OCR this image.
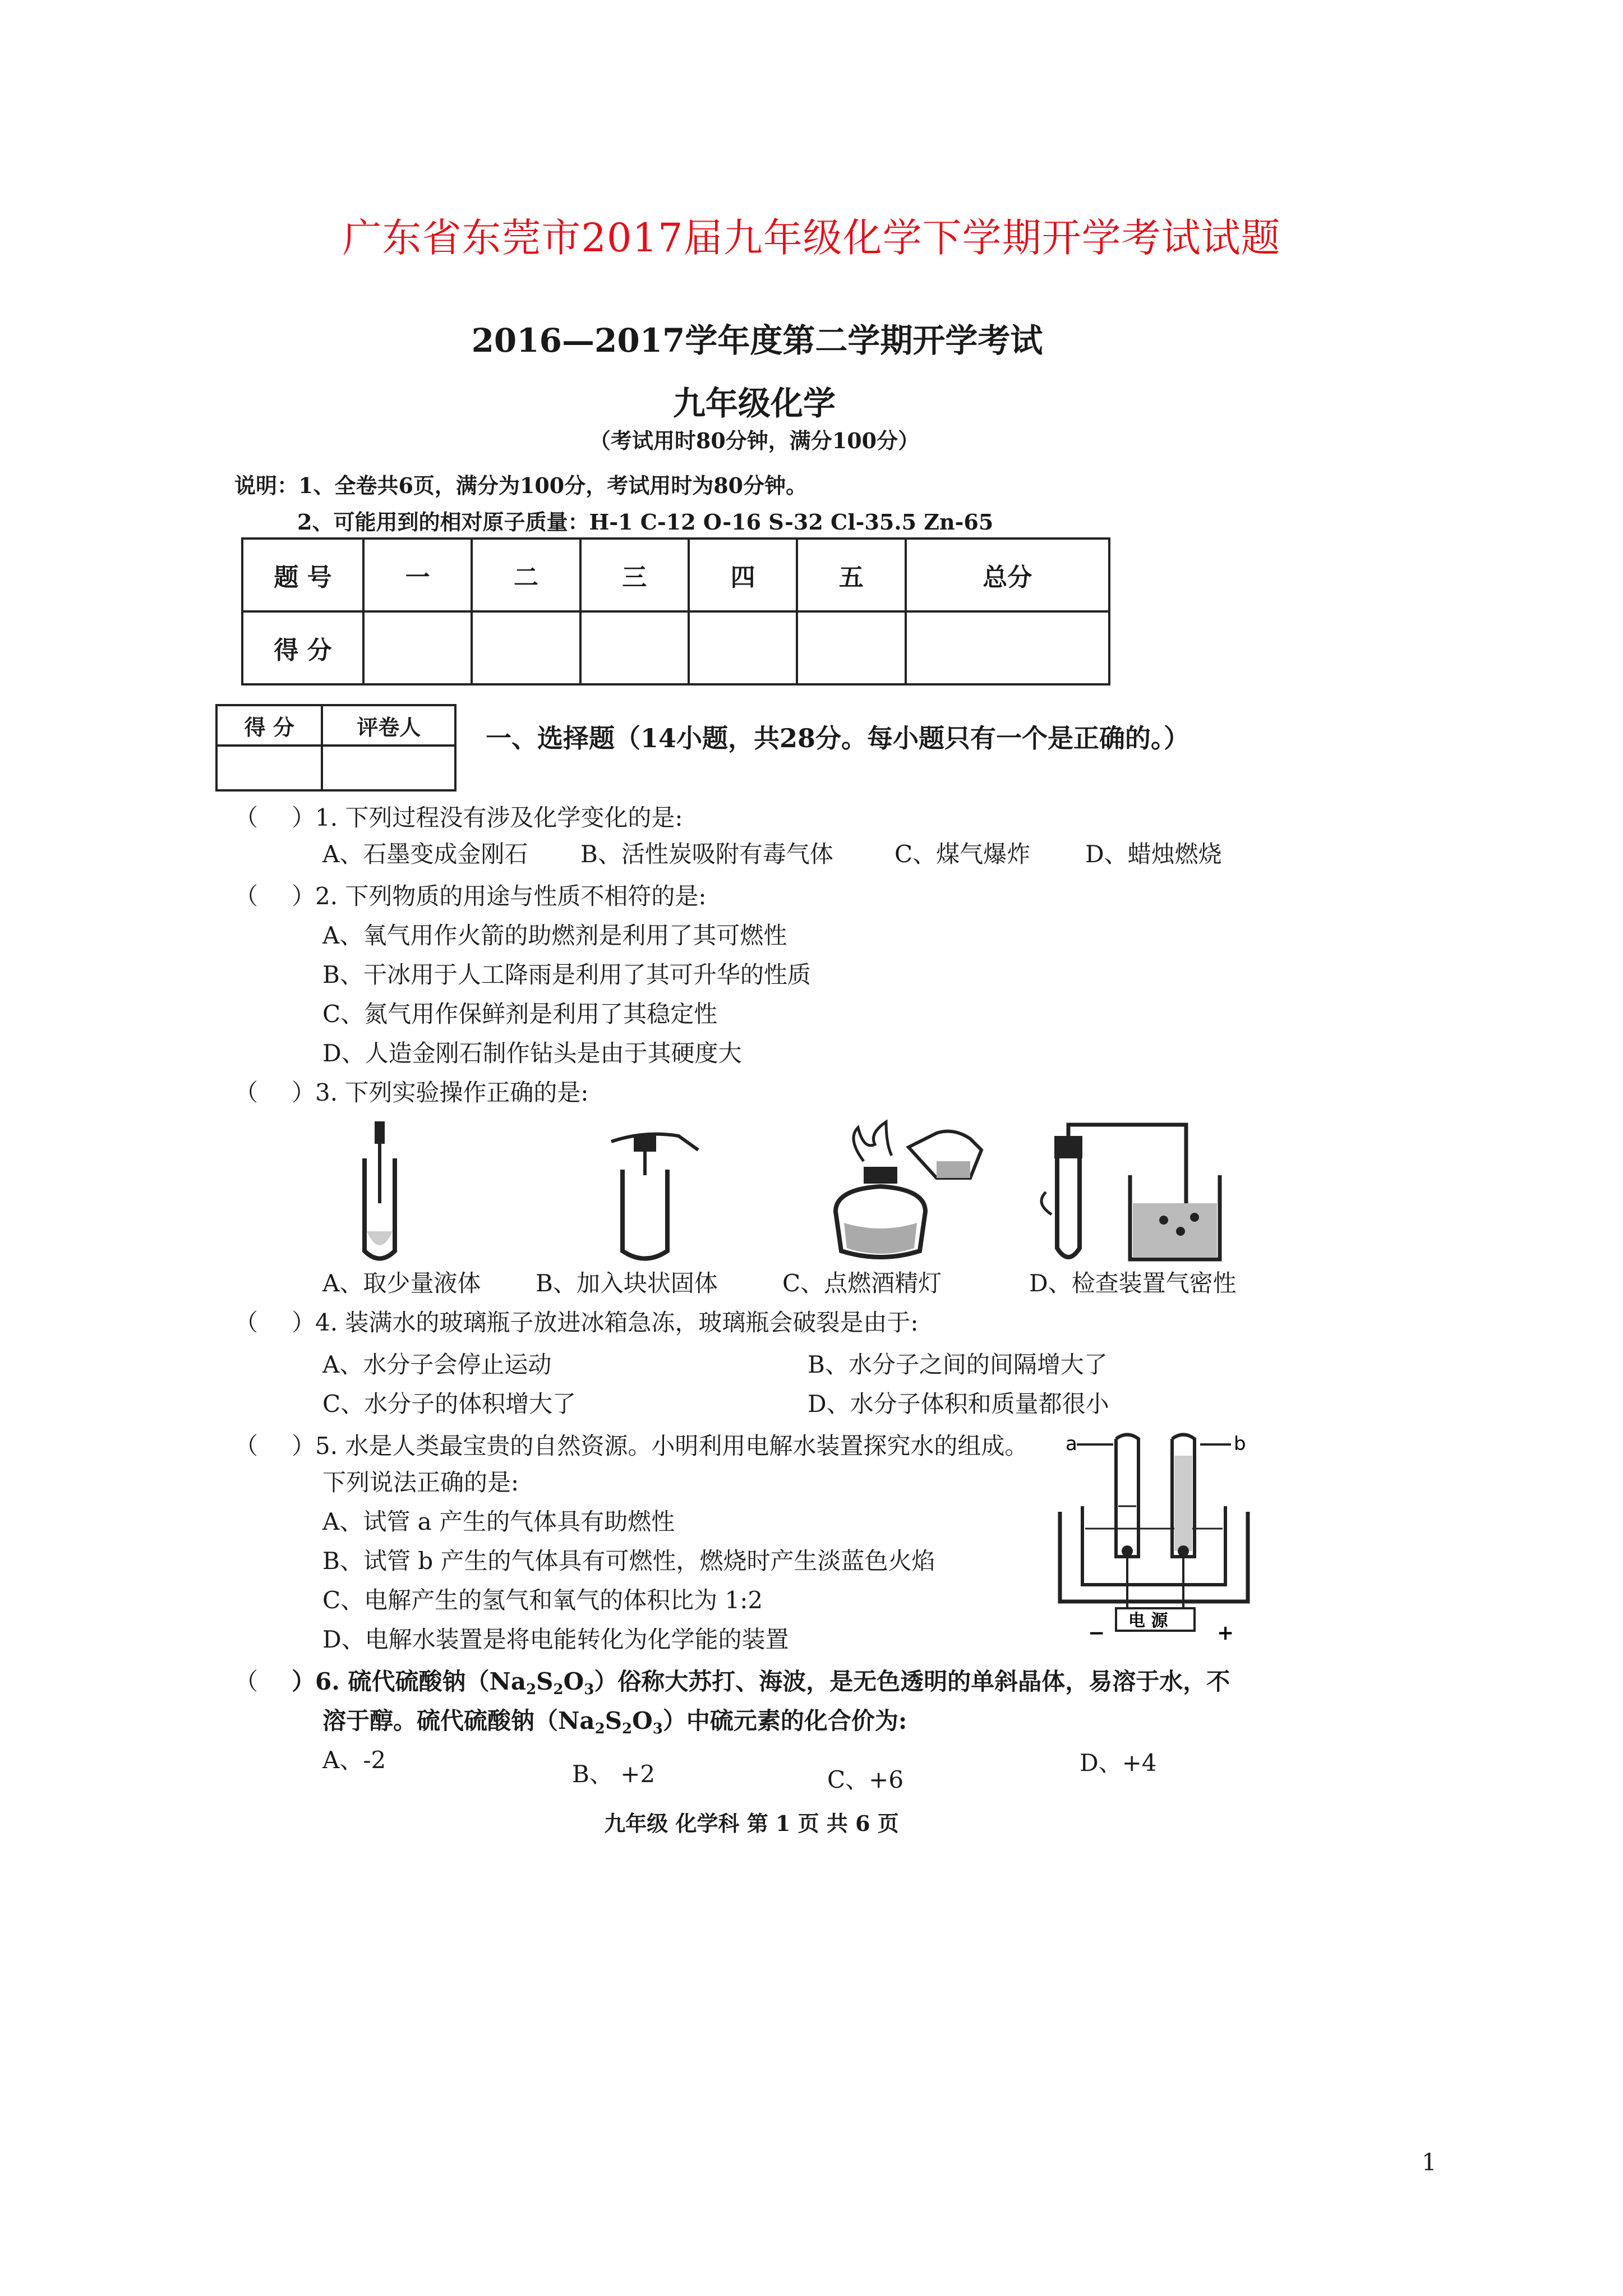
广东省东莞市2017届九年级化学下学期开学考试试题
2016—2017学年度第二学期开学考试
九年级化学
（考试用时80分钟，满分100分）
说明：1、全卷共6页，满分为100分，考试用时为80分钟。
2、可能用到的相对原子质量：H-1 C-12 O-16 S-32 Cl-35.5 Zn-65
题 号	一	二	三	四	五	总分
得 分						
得 分	评卷人
		一、选择题（14小题，共28分。每小题只有一个是正确的。）
（ ）1. 下列过程没有涉及化学变化的是:
A、石墨变成金刚石 B、活性炭吸附有毒气体	C、煤气爆炸 D、蜡烛燃烧
（ ）2. 下列物质的用途与性质不相符的是:
A、氧气用作火箭的助燃剂是利用了其可燃性
B、干冰用于人工降雨是利用了其可升华的性质
C、氮气用作保鲜剂是利用了其稳定性
D、人造金刚石制作钻头是由于其硬度大
（ ）3. 下列实验操作正确的是:
A、取少量液体 B、加入块状固体	C、点燃酒精灯	D、检查装置气密性
（ ）4. 装满水的玻璃瓶子放进冰箱急冻，玻璃瓶会破裂是由于:
A、水分子会停止运动	B、水分子之间的间隔增大了
C、水分子的体积增大了	D、水分子体积和质量都很小
（ ）5. 水是人类最宝贵的自然资源。小明利用电解水装置探究水的组成。
下列说法正确的是:
A、试管 a 产生的气体具有助燃性
B、试管 b 产生的气体具有可燃性，燃烧时产生淡蓝色火焰
C、电解产生的氢气和氧气的体积比为 1:2
D、电解水装置是将电能转化为化学能的装置
a	b
电 源
−	+
（ ）6. 硫代硫酸钠$(Na_2S_2O_3)$俗称大苏打、海波，是无色透明的单斜晶体，易溶于水，不
溶于醇。硫代硫酸钠$(Na_2S_2O_3)$中硫元素的化合价为:
A、-2
B、 +2	C、+6
D、+4
九年级 化学科 第 1 页 共 6 页
1
